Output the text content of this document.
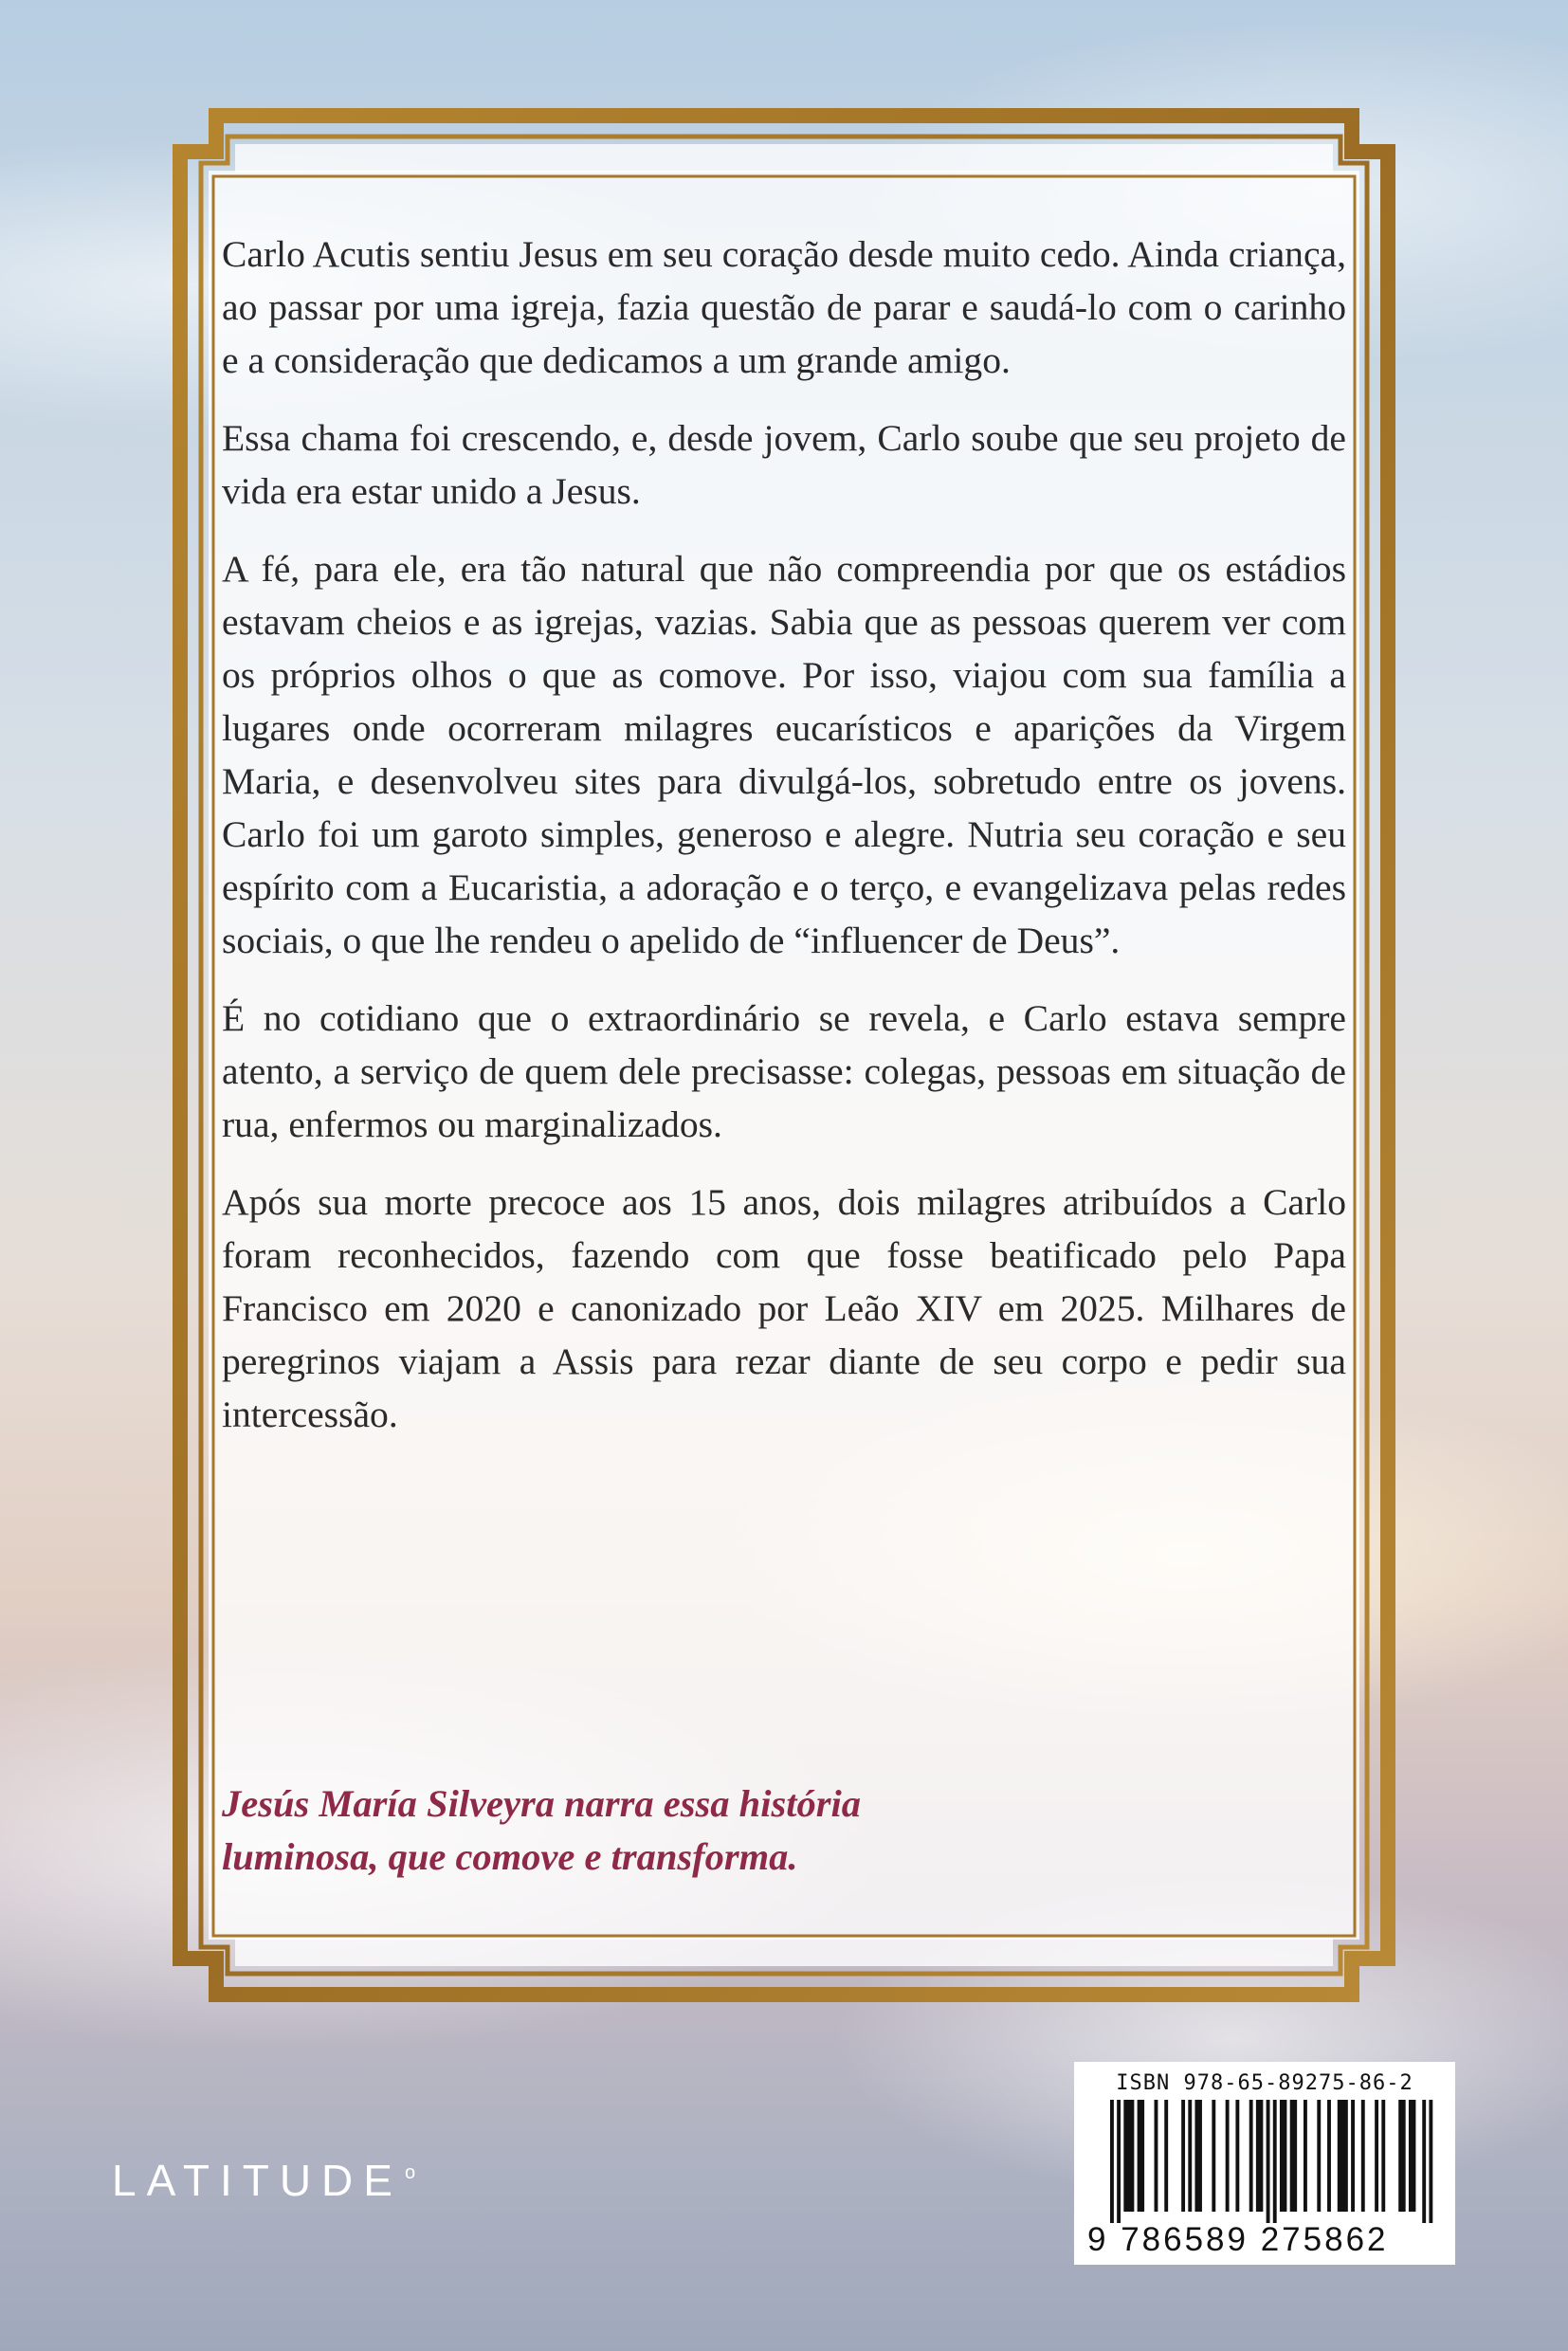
Carlo Acutis sentiu Jesus em seu coração desde muito cedo. Ainda criança, ao passar por uma igreja, fazia questão de parar e saudá-lo com o carinho e a consideração que dedicamos a um grande amigo.

Essa chama foi crescendo, e, desde jovem, Carlo soube que seu projeto de vida era estar unido a Jesus.

A fé, para ele, era tão natural que não compreendia por que os estádios estavam cheios e as igrejas, vazias. Sabia que as pessoas querem ver com os próprios olhos o que as comove. Por isso, viajou com sua família a lugares onde ocorreram milagres eucarísticos e aparições da Virgem Maria, e desenvolveu sites para divulgá-los, sobretudo entre os jovens. Carlo foi um garoto simples, generoso e alegre. Nutria seu coração e seu espírito com a Eucaristia, a adoração e o terço, e evangelizava pelas redes sociais, o que lhe rendeu o apelido de “influencer de Deus”.

É no cotidiano que o extraordinário se revela, e Carlo estava sempre atento, a serviço de quem dele precisasse: colegas, pessoas em situação de rua, enfermos ou marginalizados.

Após sua morte precoce aos 15 anos, dois milagres atribuídos a Carlo foram reconhecidos, fazendo com que fosse beatificado pelo Papa Francisco em 2020 e canonizado por Leão XIV em 2025. Milhares de peregrinos viajam a Assis para rezar diante de seu corpo e pedir sua intercessão.

Jesús María Silveyra narra essa história
luminosa, que comove e transforma.
LATITUDE $^o$
ISBN 978-65-89275-86-2
9 786589 275862
